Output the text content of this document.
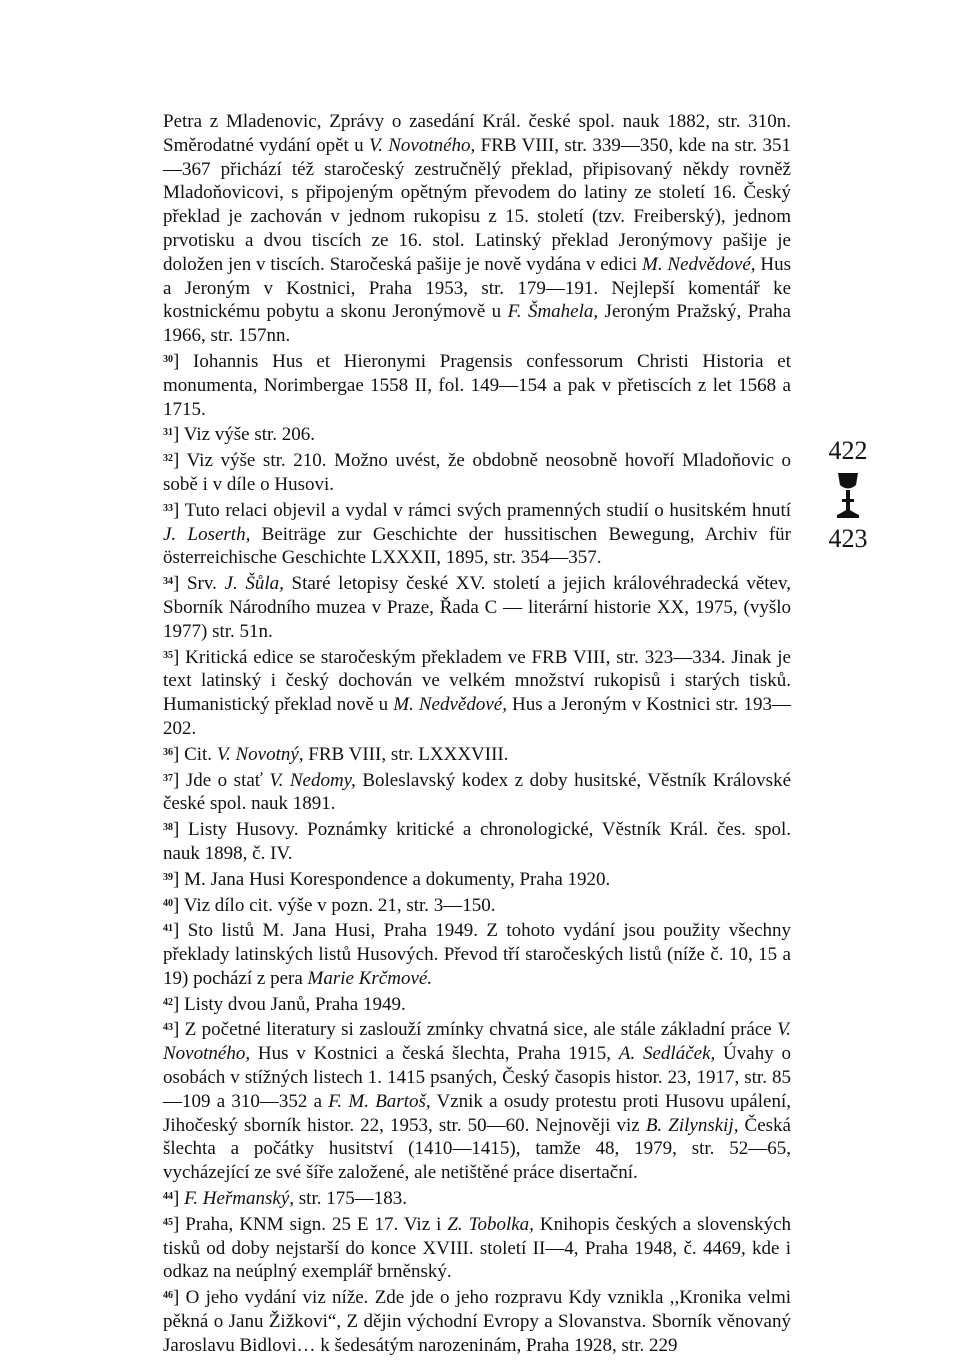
Petra z Mladenovic, Zprávy o zasedání Král. české spol. nauk 1882, str. 310n. Směrodatné vydání opět u V. Novotného, FRB VIII, str. 339—350, kde na str. 351—367 přichází též staročeský zestručnělý překlad, připisovaný někdy rovněž Mladoňovicovi, s připojeným opětným převodem do latiny ze století 16. Český překlad je zachován v jednom rukopisu z 15. století (tzv. Freiberský), jednom prvotisku a dvou tiscích ze 16. stol. Latinský překlad Jeronýmovy pašije je doložen jen v tiscích. Staročeská pašije je nově vydána v edici M. Nedvědové, Hus a Jeroným v Kostnici, Praha 1953, str. 179—191. Nejlepší komentář ke kostnickému pobytu a skonu Jeronýmově u F. Šmahela, Jeroným Pražský, Praha 1966, str. 157nn.

$^{30}$] Iohannis Hus et Hieronymi Pragensis confessorum Christi Historia et monumenta, Norimbergae 1558 II, fol. 149—154 a pak v přetiscích z let 1568 a 1715.

$^{31}$] Viz výše str. 206.

$^{32}$] Viz výše str. 210. Možno uvést, že obdobně neosobně hovoří Mladoňovic o sobě i v díle o Husovi.

$^{33}$] Tuto relaci objevil a vydal v rámci svých pramenných studií o husitském hnutí J. Loserth, Beiträge zur Geschichte der hussitischen Bewegung, Archiv für österreichische Geschichte LXXXII, 1895, str. 354—357.

$^{34}$] Srv. J. Šůla, Staré letopisy české XV. století a jejich královéhradecká větev, Sborník Národního muzea v Praze, Řada C — literární historie XX, 1975, (vyšlo 1977) str. 51n.

$^{35}$] Kritická edice se staročeským překladem ve FRB VIII, str. 323—334. Jinak je text latinský i český dochován ve velkém množství rukopisů i starých tisků. Humanistický překlad nově u M. Nedvědové, Hus a Jeroným v Kostnici str. 193—202.

$^{36}$] Cit. V. Novotný, FRB VIII, str. LXXXVIII.

$^{37}$] Jde o stať V. Nedomy, Boleslavský kodex z doby husitské, Věstník Královské české spol. nauk 1891.

$^{38}$] Listy Husovy. Poznámky kritické a chronologické, Věstník Král. čes. spol. nauk 1898, č. IV.

$^{39}$] M. Jana Husi Korespondence a dokumenty, Praha 1920.

$^{40}$] Viz dílo cit. výše v pozn. 21, str. 3—150.

$^{41}$] Sto listů M. Jana Husi, Praha 1949. Z tohoto vydání jsou použity všechny překlady latinských listů Husových. Převod tří staročeských listů (níže č. 10, 15 a 19) pochází z pera Marie Krčmové.

$^{42}$] Listy dvou Janů, Praha 1949.

$^{43}$] Z početné literatury si zaslouží zmínky chvatná sice, ale stále základní práce V. Novotného, Hus v Kostnici a česká šlechta, Praha 1915, A. Sedláček, Úvahy o osobách v stížných listech 1. 1415 psaných, Český časopis histor. 23, 1917, str. 85—109 a 310—352 a F. M. Bartoš, Vznik a osudy protestu proti Husovu upálení, Jihočeský sborník histor. 22, 1953, str. 50—60. Nejnověji viz B. Zilynskij, Česká šlechta a počátky husitství (1410—1415), tamže 48, 1979, str. 52—65, vycházející ze své šíře založené, ale netištěné práce disertační.

$^{44}$] F. Heřmanský, str. 175—183.

$^{45}$] Praha, KNM sign. 25 E 17. Viz i Z. Tobolka, Knihopis českých a slovenských tisků od doby nejstarší do konce XVIII. století II—4, Praha 1948, č. 4469, kde i odkaz na neúplný exemplář brněnský.

$^{46}$] O jeho vydání viz níže. Zde jde o jeho rozpravu Kdy vznikla ,,Kronika velmi pěkná o Janu Žižkovi“, Z dějin východní Evropy a Slovanstva. Sborník věnovaný Jaroslavu Bidlovi… k šedesátým narozeninám, Praha 1928, str. 229

422
423
